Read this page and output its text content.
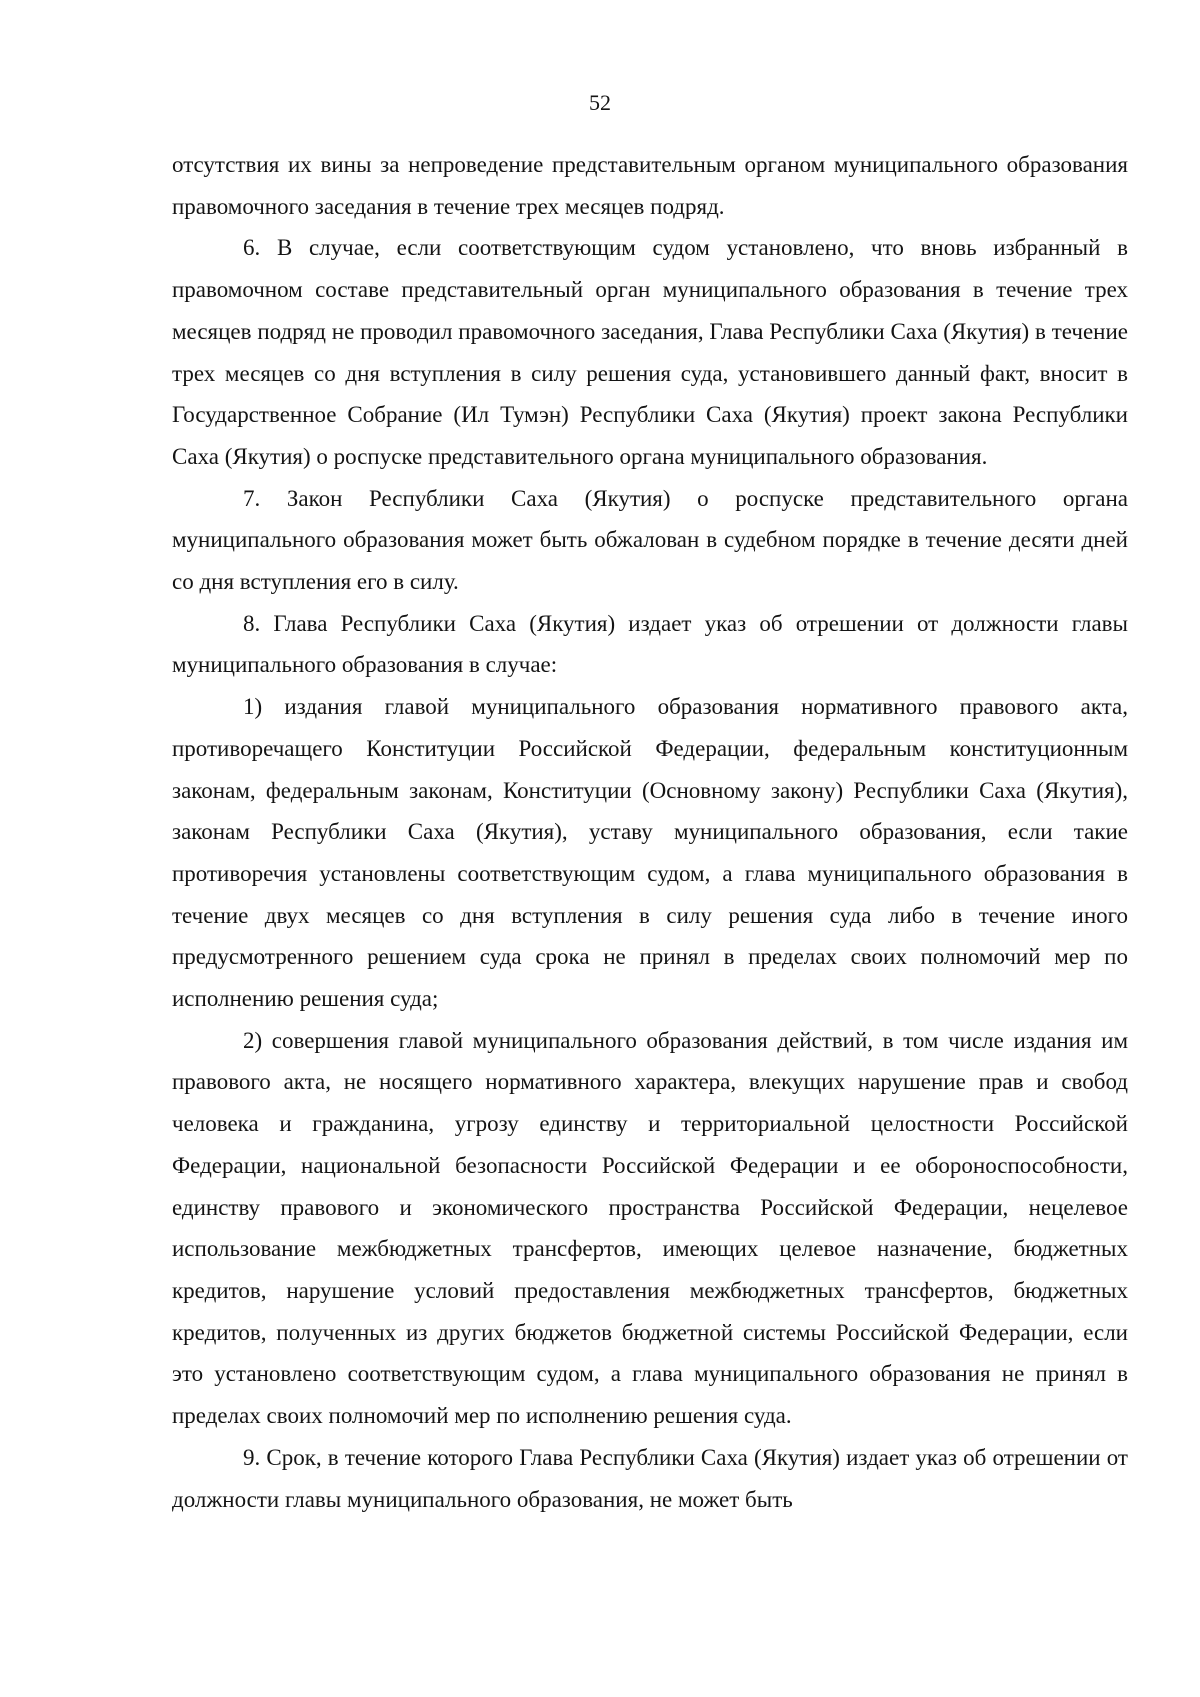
52

отсутствия их вины за непроведение представительным органом муниципального образования правомочного заседания в течение трех месяцев подряд.

6. В случае, если соответствующим судом установлено, что вновь избранный в правомочном составе представительный орган муниципального образования в течение трех месяцев подряд не проводил правомочного заседания, Глава Республики Саха (Якутия) в течение трех месяцев со дня вступления в силу решения суда, установившего данный факт, вносит в Государственное Собрание (Ил Тумэн) Республики Саха (Якутия) проект закона Республики Саха (Якутия) о роспуске представительного органа муниципального образования.

7. Закон Республики Саха (Якутия) о роспуске представительного органа муниципального образования может быть обжалован в судебном порядке в течение десяти дней со дня вступления его в силу.

8. Глава Республики Саха (Якутия) издает указ об отрешении от должности главы муниципального образования в случае:

1) издания главой муниципального образования нормативного правового акта, противоречащего Конституции Российской Федерации, федеральным конституционным законам, федеральным законам, Конституции (Основному закону) Республики Саха (Якутия), законам Республики Саха (Якутия), уставу муниципального образования, если такие противоречия установлены соответствующим судом, а глава муниципального образования в течение двух месяцев со дня вступления в силу решения суда либо в течение иного предусмотренного решением суда срока не принял в пределах своих полномочий мер по исполнению решения суда;

2) совершения главой муниципального образования действий, в том числе издания им правового акта, не носящего нормативного характера, влекущих нарушение прав и свобод человека и гражданина, угрозу единству и территориальной целостности Российской Федерации, национальной безопасности Российской Федерации и ее обороноспособности, единству правового и экономического пространства Российской Федерации, нецелевое использование межбюджетных трансфертов, имеющих целевое назначение, бюджетных кредитов, нарушение условий предоставления межбюджетных трансфертов, бюджетных кредитов, полученных из других бюджетов бюджетной системы Российской Федерации, если это установлено соответствующим судом, а глава муниципального образования не принял в пределах своих полномочий мер по исполнению решения суда.

9. Срок, в течение которого Глава Республики Саха (Якутия) издает указ об отрешении от должности главы муниципального образования, не может быть
